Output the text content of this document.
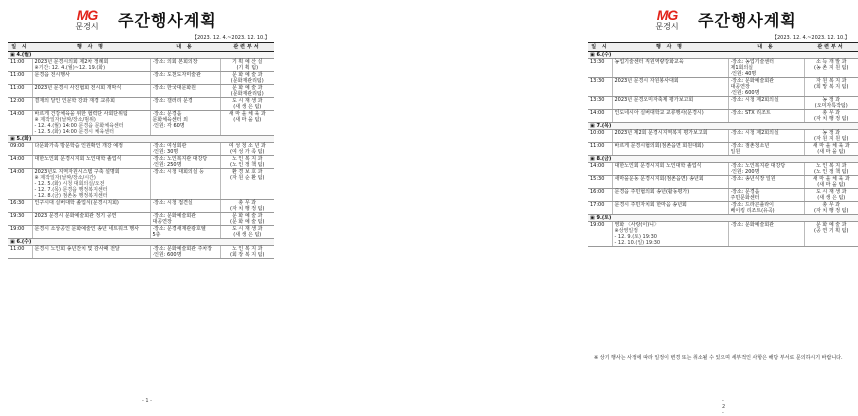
MG
문경시	주간행사계획
【2023. 12. 4.~2023. 12. 10.】
일 시	행 사 명	내 용	관련부서
▣ 4.(월)			
11:00	2023년 문경시의회 제2차 정례회
※기간: 12. 4.(월)~12. 19.(화)	·장소: 의회 본회의장	기 획 예 산 실
(기 획 팀)

11:00	문경읍 전시행사	·장소: 도천도자미술관	문 화 예 술 과
(문화재관리팀)

11:00	2023년 문경시 사진협회 전시회 개막식	·장소: 한국대문화원	문 화 예 술 과
(문화재관리팀)

12:00	결재의 달인 인문학 강좌 재경 교류회	·장소: 갤러리 문경	도 시 재 생 과
(새 생 은 팀)

14:00	바르게 건강체육을 위한 협력단 사회단위팀
※ 제작일자(날짜/장소/범위)
- 12. 4.(월) 14:00 문경읍 문화체육센터
- 12. 5.(화) 14:00 문경시 체육센터	·장소: 문경읍
문화체육센터 외
·인원: 각 60명	새 마 을 체 육 과
(새 마 을 팀)

▣ 5.(화)			
09:00	다문화가족 방문학습 인원확인 개강 예정	·장소: 여성회관
·인원: 30명	여 성 청 소 년 과
(여 성 가 족 팀)

14:00	대한노인회 문경시지회 노인대학 졸업식	·장소: 노인복지관 대강당
·인원: 250명	노 인 복 지 과
(노 인 정 책 팀)

14:00	2023년도 지역자원시스템 구축 설명회
※ 제작일자(날짜/장소/시간)
- 12. 5.(화) 시청 대회의실/오전
- 12. 7.(목) 문경읍 행정복지센터
- 12. 8.(금) 점촌동 행정복지센터	·장소: 시청 대회의실 등	환 경 보 호 과
(자 원 순 환 팀)

16:30	인구시대 실버대학 졸업식(문경시지회)	·장소: 시청 접견실	총 무 과
(자 치 행 정 팀)

19:30	2023 문경시 문화예술회관 정기 공연	·장소: 문화예술회관
대공연장	문 화 예 술 과
(문 화 예 술 팀)

19:00	문경시 소상공인 문화예술인 송년 네트워크 행사	·장소: 문경새재관광호텔
5층	도 시 재 생 과
(새 생 은 팀)

▣ 6.(수)			
11:00	문경시 노인회 송년잔치 및 감사패 전달	·장소: 문화예술회관 주차장
·인원: 600명	노 인 복 지 과
(회 장 복 지 팀)
- 1 -
MG
문경시	주간행사계획
【2023. 12. 4.~2023. 12. 10.】
일 시	행 사 명	내 용	관련부서
▣ 6.(수)			
13:30	농업기술센터 직원역량강화교육	·장소: 농업기술센터
제1회의실
·인원: 40명	소 득 개 발 과
(농 촌 지 원 팀)

13:30	2023년 문경시 자원봉사대회	·장소: 문화예술회관
대공연장
·인원: 600명	자 원 복 지 과
(희 망 복 지 팀)

13:30	2023년 문경오미자축제 평가보고회	·장소: 시청 제2회의실	농 정 과
(오미자특작팀)

14:00	인도네시아 실버대학교 교류행사(문경시)	·장소: STX 리조트	총 무 과
(자 치 행 정 팀)

▣ 7.(목)			
10:00	2023년 제2회 문경시지역복지 평가보고회	·장소: 시청 제2회의실	농 정 과
(자 원 지 원 팀)

11:00	바르게 문경시협의회(점촌읍면 회원대회)	·장소: 점촌청소년
일원	새 마 을 체 육 과
(새 마 을 팀)

▣ 8.(금)			
14:00	대한노인회 문경시지회 노인대학 졸업식	·장소: 노인복지관 대강당
·인원: 200명	노 인 복 지 과
(노 인 정 책 팀)

15:30	새마을운동 문경시지회(점촌읍면) 송년회	·장소: 송년식장 일원	새 마 을 체 육 과
(새 마 을 팀)

16:00	문경읍 주민협의회 송년(활동평가)	·장소: 문경읍
주민문화센터	도 시 재 생 과
(새 생 은 팀)

17:00	문경시 주민자치회 한마음 송년회	·장소: 드라곤플라이
베이킹 리조트(유곡)	총 무 과
(자 치 행 정 팀)

▣ 9.(토)			
19:00	영화 〈사랑(이)니〉
※상영일정
- 12. 9.(토) 19:30
- 12. 10.(일) 19:30	·장소: 문화예술회관	문 화 예 술 과
(공 연 기 획 팀)
※ 상기 행사는 사정에 따라 일정이 변경 또는 취소될 수 있으며 세부적인 사항은 해당 부서로 문의하시기 바랍니다.
- 2 -
